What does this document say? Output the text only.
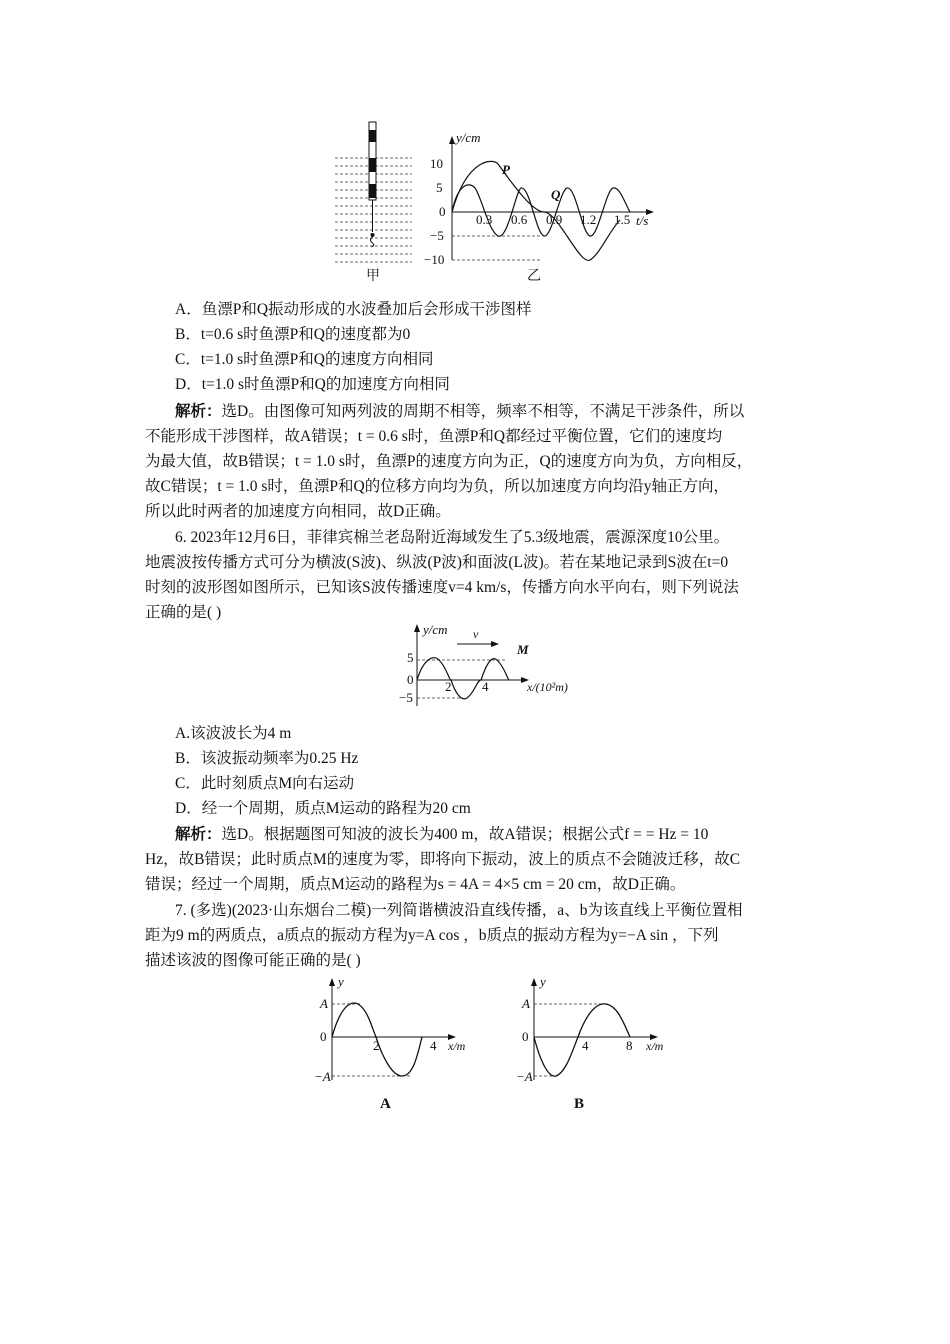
甲
y/cm
t/s
10
5
0
−5
−10
0.3 0.6 0.9 1.2 1.5
P
Q
乙
A．鱼漂P和Q振动形成的水波叠加后会形成干涉图样
B．t=0.6 s时鱼漂P和Q的速度都为0
C．t=1.0 s时鱼漂P和Q的速度方向相同
D．t=1.0 s时鱼漂P和Q的加速度方向相同
解析：选D。由图像可知两列波的周期不相等，频率不相等，不满足干涉条件，所以
不能形成干涉图样，故A错误；t = 0.6 s时，鱼漂P和Q都经过平衡位置，它们的速度均
为最大值，故B错误；t = 1.0 s时，鱼漂P的速度方向为正，Q的速度方向为负，方向相反，
故C错误；t = 1.0 s时，鱼漂P和Q的位移方向均为负，所以加速度方向均沿y轴正方向，
所以此时两者的加速度方向相同，故D正确。
6. 2023年12月6日，菲律宾棉兰老岛附近海域发生了5.3级地震，震源深度10公里。
地震波按传播方式可分为横波(S波)、纵波(P波)和面波(L波)。若在某地记录到S波在t=0
时刻的波形图如图所示，已知该S波传播速度v=4 km/s，传播方向水平向右，则下列说法
正确的是( )
y/cm v
M
5
0
−5
2 4	x/(10²m)
A.该波波长为4 m
B．该波振动频率为0.25 Hz
C．此时刻质点M向右运动
D．经一个周期，质点M运动的路程为20 cm
解析：选D。根据题图可知波的波长为400 m，故A错误；根据公式f = = Hz = 10
Hz，故B错误；此时质点M的速度为零，即将向下振动，波上的质点不会随波迁移，故C
错误；经过一个周期，质点M运动的路程为s = 4A = 4×5 cm = 20 cm，故D正确。
7. (多选)(2023·山东烟台二模)一列简谐横波沿直线传播，a、b为该直线上平衡位置相
距为9 m的两质点，a质点的振动方程为y=A cos ，b质点的振动方程为y=−A sin ，下列
描述该波的图像可能正确的是( )
y
A
0
−A
2	4 x/m
A
y
A
0
−A
4	8 x/m
B
